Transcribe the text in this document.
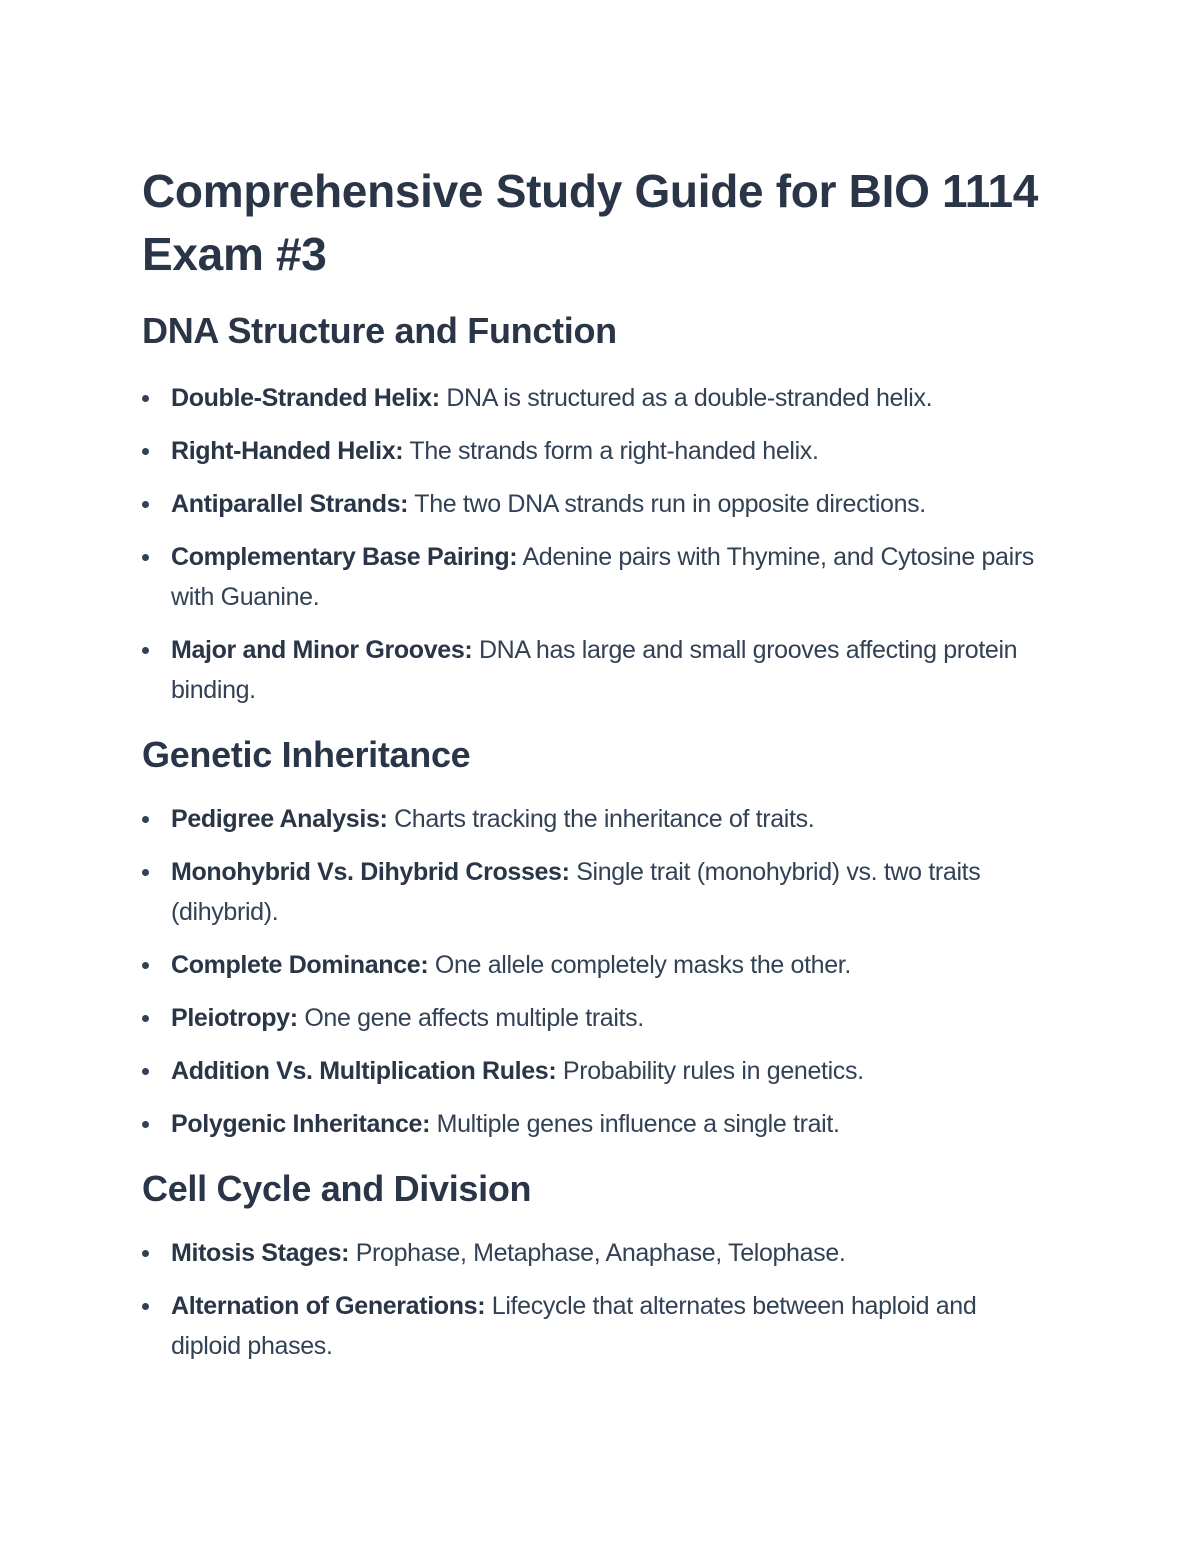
Comprehensive Study Guide for BIO 1114 Exam #3
DNA Structure and Function
Double-Stranded Helix: DNA is structured as a double-stranded helix.
Right-Handed Helix: The strands form a right-handed helix.
Antiparallel Strands: The two DNA strands run in opposite directions.
Complementary Base Pairing: Adenine pairs with Thymine, and Cytosine pairs with Guanine.
Major and Minor Grooves: DNA has large and small grooves affecting protein binding.
Genetic Inheritance
Pedigree Analysis: Charts tracking the inheritance of traits.
Monohybrid Vs. Dihybrid Crosses: Single trait (monohybrid) vs. two traits (dihybrid).
Complete Dominance: One allele completely masks the other.
Pleiotropy: One gene affects multiple traits.
Addition Vs. Multiplication Rules: Probability rules in genetics.
Polygenic Inheritance: Multiple genes influence a single trait.
Cell Cycle and Division
Mitosis Stages: Prophase, Metaphase, Anaphase, Telophase.
Alternation of Generations: Lifecycle that alternates between haploid and diploid phases.
